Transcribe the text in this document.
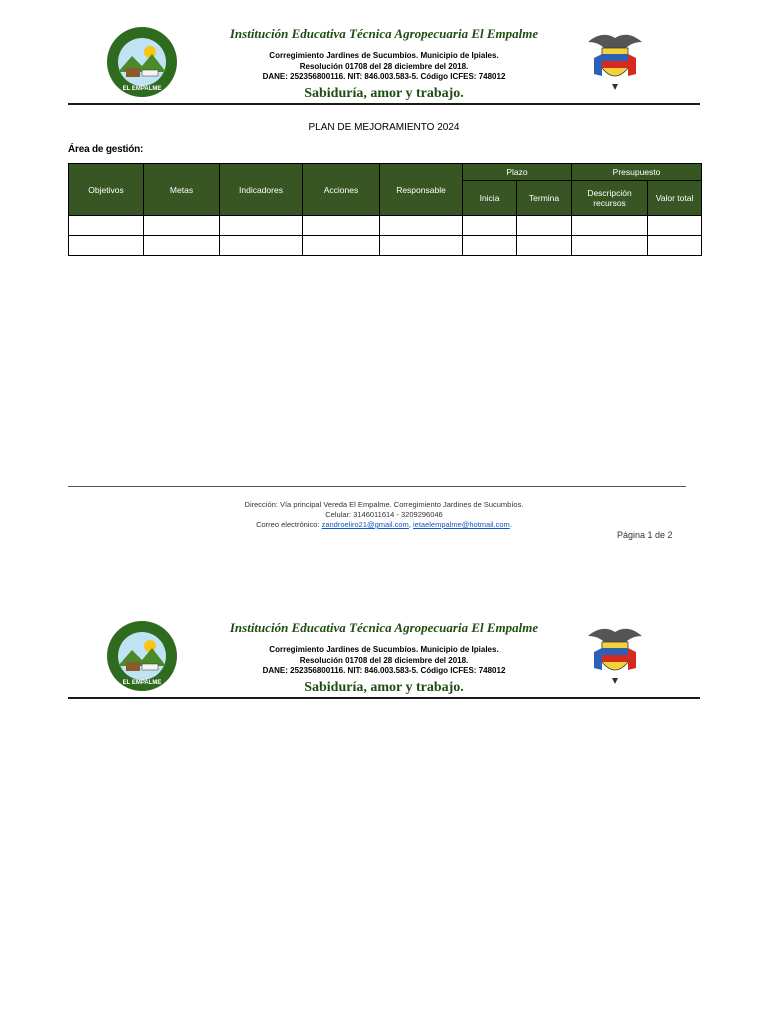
EL EMPALME
Institución Educativa Técnica Agropecuaria El Empalme
Corregimiento Jardines de Sucumbíos. Municipio de Ipiales.
Resolución 01708 del 28 diciembre del 2018.
DANE: 252356800116. NIT: 846.003.583-5. Código ICFES: 748012
Sabiduría, amor y trabajo.
PLAN DE MEJORAMIENTO 2024
Área de gestión:
Objetivos	Metas	Indicadores	Acciones	Responsable	Plazo		Presupuesto	
					Inicia	Termina	Descripción recursos	Valor total

Dirección: Vía principal Vereda El Empalme. Corregimiento Jardines de Sucumbíos.
Celular: 3146011614 - 3209296046
Correo electrónico: zandroeliro21@gmail.com, ietaelempalme@hotmail.com.
Página 1 de 2
EL EMPALME
Institución Educativa Técnica Agropecuaria El Empalme
Corregimiento Jardines de Sucumbíos. Municipio de Ipiales.
Resolución 01708 del 28 diciembre del 2018.
DANE: 252356800116. NIT: 846.003.583-5. Código ICFES: 748012
Sabiduría, amor y trabajo.
